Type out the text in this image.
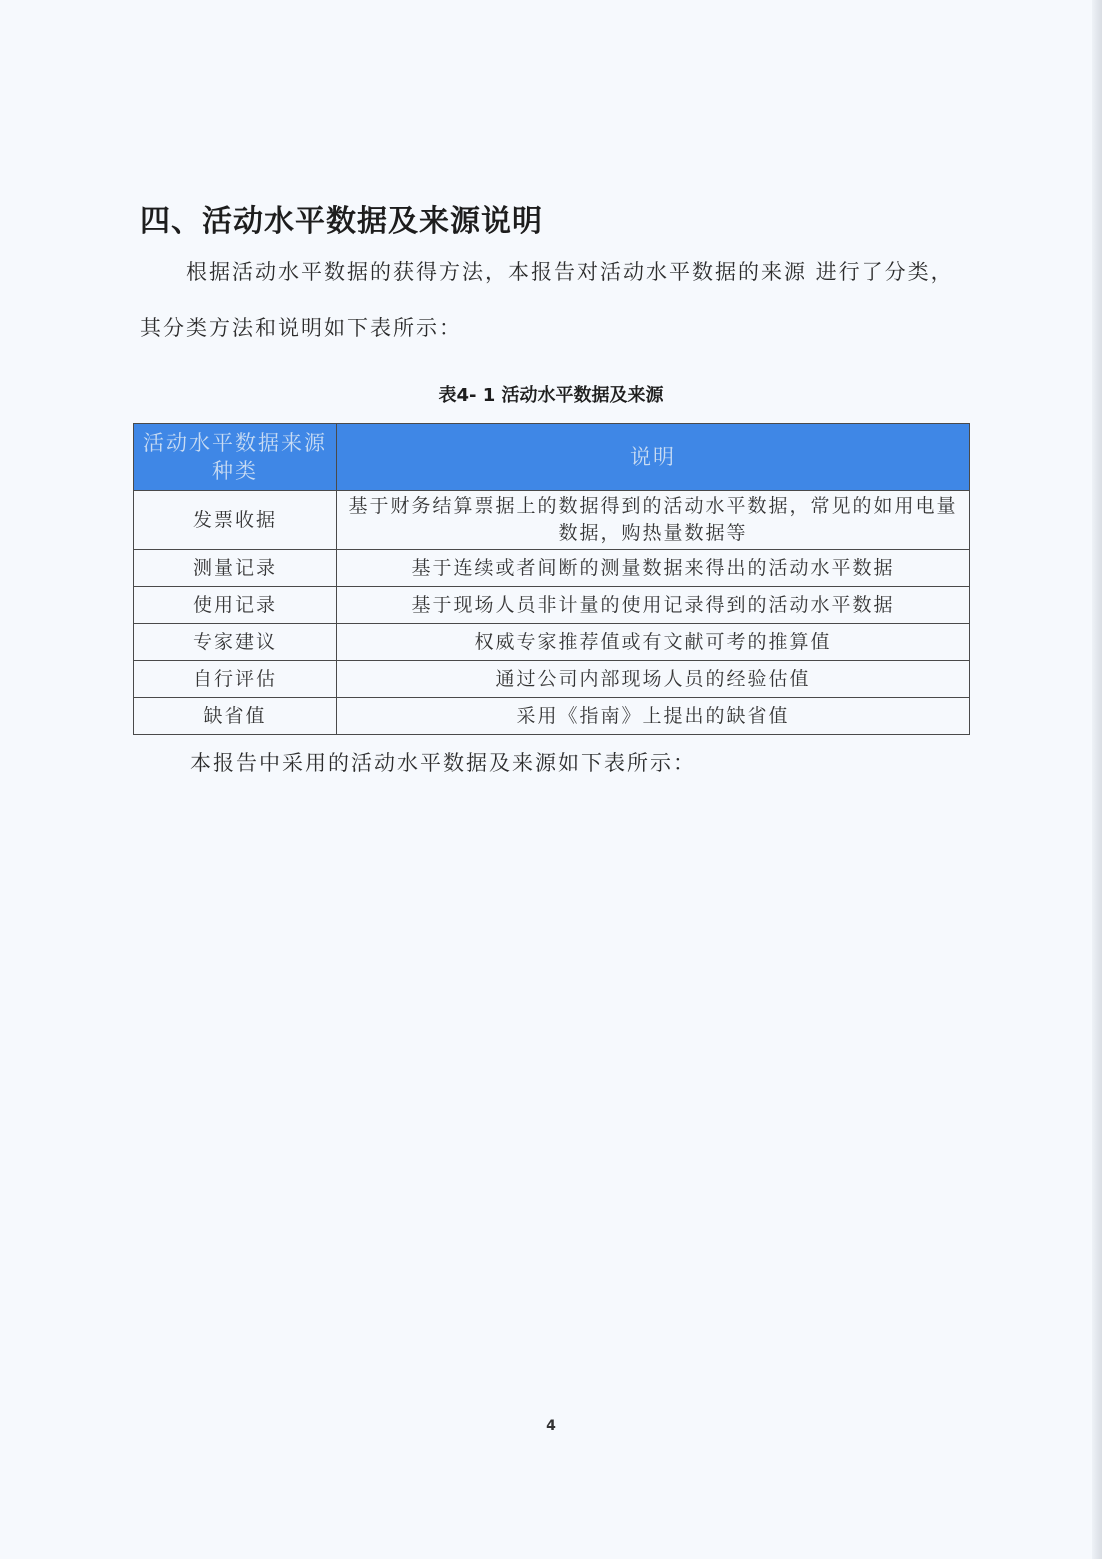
四、活动水平数据及来源说明

根据活动水平数据的获得方法，本报告对活动水平数据的来源 进行了分类，其分类方法和说明如下表所示：

表4- 1 活动水平数据及来源

活动水平数据来源种类	说明
发票收据	基于财务结算票据上的数据得到的活动水平数据，常见的如用电量数据，购热量数据等
测量记录	基于连续或者间断的测量数据来得出的活动水平数据
使用记录	基于现场人员非计量的使用记录得到的活动水平数据
专家建议	权威专家推荐值或有文献可考的推算值
自行评估	通过公司内部现场人员的经验估值
缺省值	采用《指南》上提出的缺省值

本报告中采用的活动水平数据及来源如下表所示：

4
